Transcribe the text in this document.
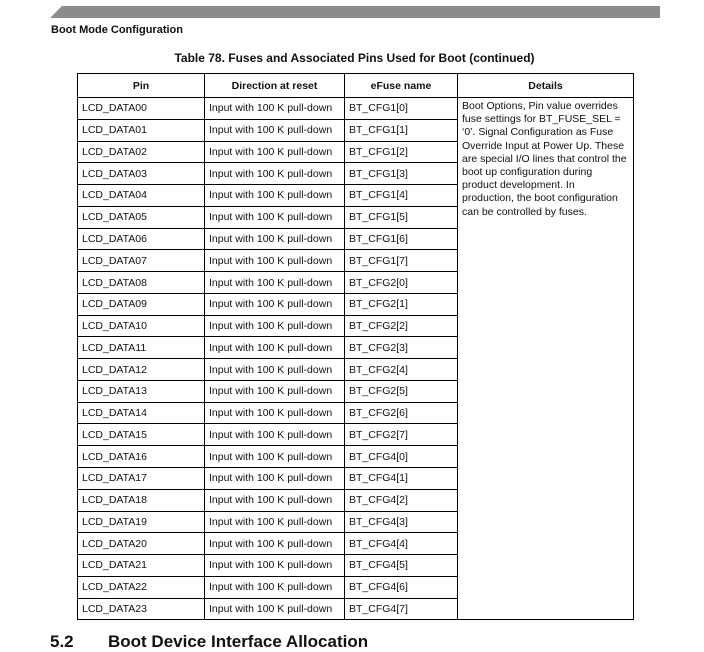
Boot Mode Configuration
Table 78. Fuses and Associated Pins Used for Boot (continued)
Pin	Direction at reset	eFuse name	Details
LCD_DATA00	Input with 100 K pull-down	BT_CFG1[0]	Boot Options, Pin value overrides fuse settings for BT_FUSE_SEL = ‘0’. Signal Configuration as Fuse Override Input at Power Up. These are special I/O lines that control the boot up configuration during product development. In production, the boot configuration can be controlled by fuses.
LCD_DATA01	Input with 100 K pull-down	BT_CFG1[1]	
LCD_DATA02	Input with 100 K pull-down	BT_CFG1[2]	
LCD_DATA03	Input with 100 K pull-down	BT_CFG1[3]	
LCD_DATA04	Input with 100 K pull-down	BT_CFG1[4]	
LCD_DATA05	Input with 100 K pull-down	BT_CFG1[5]	
LCD_DATA06	Input with 100 K pull-down	BT_CFG1[6]	
LCD_DATA07	Input with 100 K pull-down	BT_CFG1[7]	
LCD_DATA08	Input with 100 K pull-down	BT_CFG2[0]	
LCD_DATA09	Input with 100 K pull-down	BT_CFG2[1]	
LCD_DATA10	Input with 100 K pull-down	BT_CFG2[2]	
LCD_DATA11	Input with 100 K pull-down	BT_CFG2[3]	
LCD_DATA12	Input with 100 K pull-down	BT_CFG2[4]	
LCD_DATA13	Input with 100 K pull-down	BT_CFG2[5]	
LCD_DATA14	Input with 100 K pull-down	BT_CFG2[6]	
LCD_DATA15	Input with 100 K pull-down	BT_CFG2[7]	
LCD_DATA16	Input with 100 K pull-down	BT_CFG4[0]	
LCD_DATA17	Input with 100 K pull-down	BT_CFG4[1]	
LCD_DATA18	Input with 100 K pull-down	BT_CFG4[2]	
LCD_DATA19	Input with 100 K pull-down	BT_CFG4[3]	
LCD_DATA20	Input with 100 K pull-down	BT_CFG4[4]	
LCD_DATA21	Input with 100 K pull-down	BT_CFG4[5]	
LCD_DATA22	Input with 100 K pull-down	BT_CFG4[6]	
LCD_DATA23	Input with 100 K pull-down	BT_CFG4[7]	
5.2 Boot Device Interface Allocation
